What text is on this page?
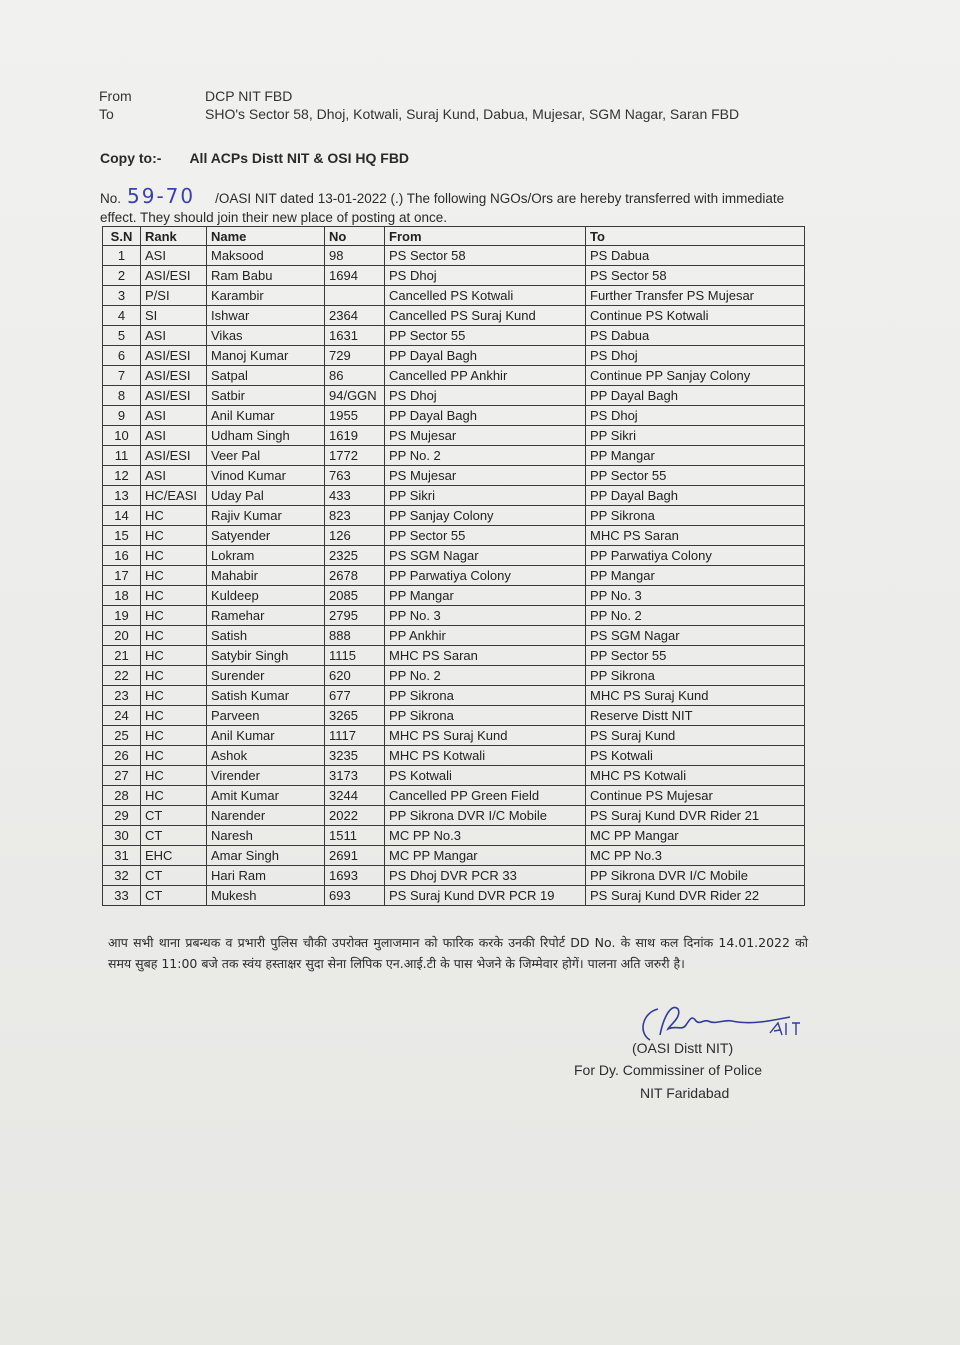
From	DCP NIT FBD
To	SHO's Sector 58, Dhoj, Kotwali, Suraj Kund, Dabua, Mujesar, SGM Nagar, Saran FBD
Copy to:- All ACPs Distt NIT & OSI HQ FBD
No. 59-70 /OASI NIT dated 13-01-2022 (.) The following NGOs/Ors are hereby transferred with immediate effect. They should join their new place of posting at once.
S.N	Rank	Name	No	From	To
1	ASI	Maksood	98	PS Sector 58	PS Dabua
2	ASI/ESI	Ram Babu	1694	PS Dhoj	PS Sector 58
3	P/SI	Karambir		Cancelled PS Kotwali	Further Transfer PS Mujesar
4	SI	Ishwar	2364	Cancelled PS Suraj Kund	Continue PS Kotwali
5	ASI	Vikas	1631	PP Sector 55	PS Dabua
6	ASI/ESI	Manoj Kumar	729	PP Dayal Bagh	PS Dhoj
7	ASI/ESI	Satpal	86	Cancelled PP Ankhir	Continue PP Sanjay Colony
8	ASI/ESI	Satbir	94/GGN	PS Dhoj	PP Dayal Bagh
9	ASI	Anil Kumar	1955	PP Dayal Bagh	PS Dhoj
10	ASI	Udham Singh	1619	PS Mujesar	PP Sikri
11	ASI/ESI	Veer Pal	1772	PP No. 2	PP Mangar
12	ASI	Vinod Kumar	763	PS Mujesar	PP Sector 55
13	HC/EASI	Uday Pal	433	PP Sikri	PP Dayal Bagh
14	HC	Rajiv Kumar	823	PP Sanjay Colony	PP Sikrona
15	HC	Satyender	126	PP Sector 55	MHC PS Saran
16	HC	Lokram	2325	PS SGM Nagar	PP Parwatiya Colony
17	HC	Mahabir	2678	PP Parwatiya Colony	PP Mangar
18	HC	Kuldeep	2085	PP Mangar	PP No. 3
19	HC	Ramehar	2795	PP No. 3	PP No. 2
20	HC	Satish	888	PP Ankhir	PS SGM Nagar
21	HC	Satybir Singh	1115	MHC PS Saran	PP Sector 55
22	HC	Surender	620	PP No. 2	PP Sikrona
23	HC	Satish Kumar	677	PP Sikrona	MHC PS Suraj Kund
24	HC	Parveen	3265	PP Sikrona	Reserve Distt NIT
25	HC	Anil Kumar	1117	MHC PS Suraj Kund	PS Suraj Kund
26	HC	Ashok	3235	MHC PS Kotwali	PS Kotwali
27	HC	Virender	3173	PS Kotwali	MHC PS Kotwali
28	HC	Amit Kumar	3244	Cancelled PP Green Field	Continue PS Mujesar
29	CT	Narender	2022	PP Sikrona DVR I/C Mobile	PS Suraj Kund DVR Rider 21
30	CT	Naresh	1511	MC PP No.3	MC PP Mangar
31	EHC	Amar Singh	2691	MC PP Mangar	MC PP No.3
32	CT	Hari Ram	1693	PS Dhoj DVR PCR 33	PP Sikrona DVR I/C Mobile
33	CT	Mukesh	693	PS Suraj Kund DVR PCR 19	PS Suraj Kund DVR Rider 22
आप सभी थाना प्रबन्धक व प्रभारी पुलिस चौकी उपरोक्त मुलाजमान को फारिक करके उनकी रिपोर्ट DD No. के साथ कल दिनांक 14.01.2022 को समय सुबह 11:00 बजे तक स्वंय हस्ताक्षर सुदा सेना लिपिक एन.आई.टी के पास भेजने के जिम्मेवार होगें। पालना अति जरुरी है।
(OASI Distt NIT)
For Dy. Commissiner of Police
NIT Faridabad
